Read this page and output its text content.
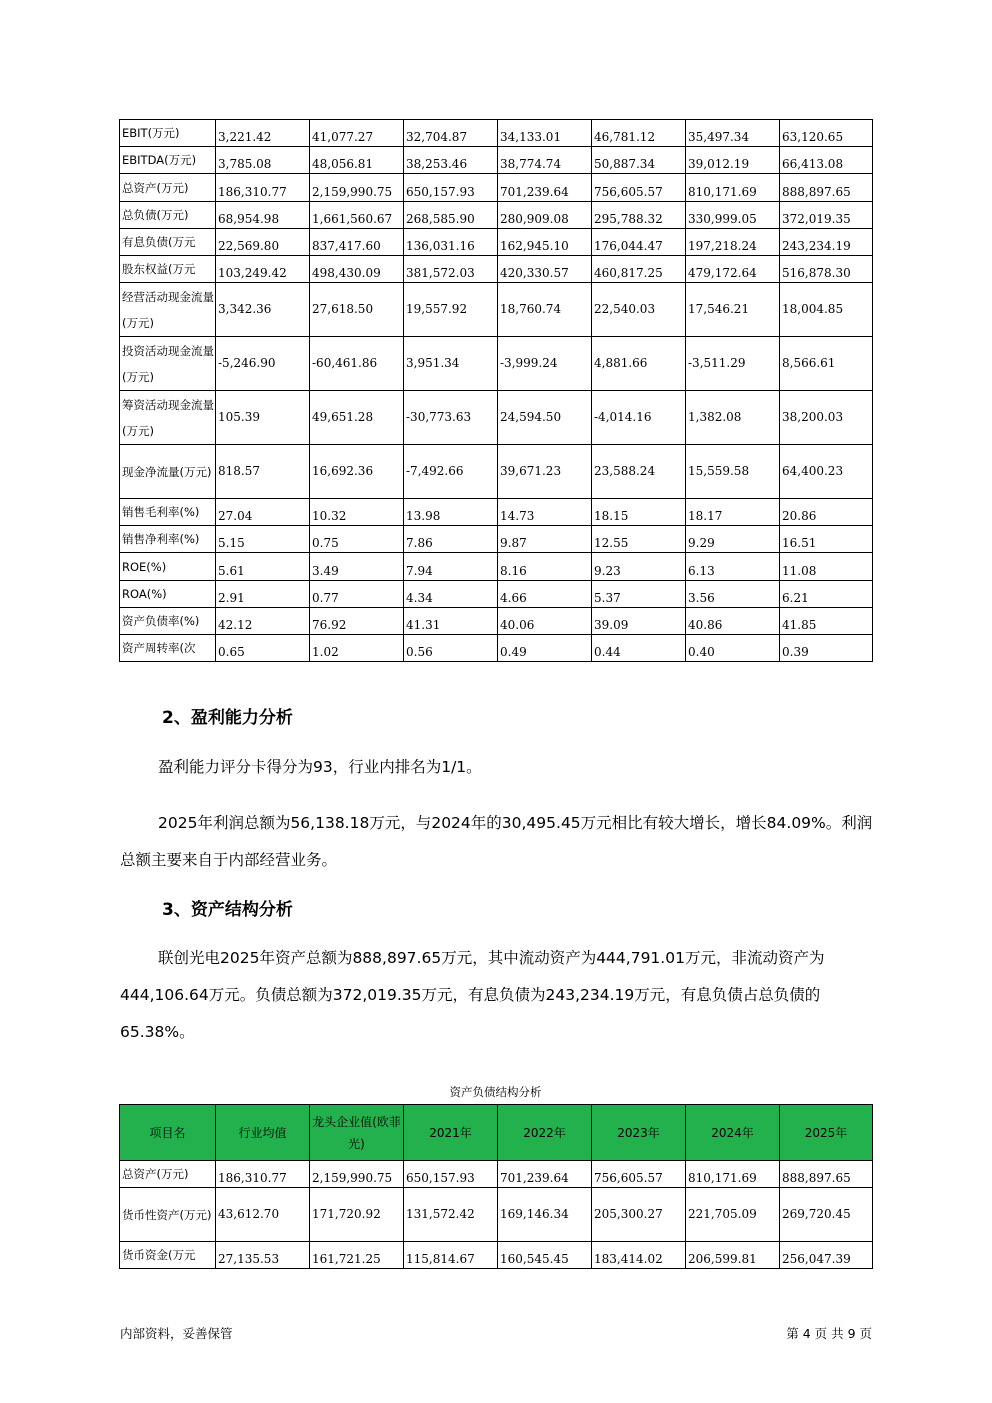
EBIT(万元)	3,221.42	41,077.27	32,704.87	34,133.01	46,781.12	35,497.34	63,120.65
EBITDA(万元)	3,785.08	48,056.81	38,253.46	38,774.74	50,887.34	39,012.19	66,413.08
总资产(万元)	186,310.77	2,159,990.75	650,157.93	701,239.64	756,605.57	810,171.69	888,897.65
总负债(万元)	68,954.98	1,661,560.67	268,585.90	280,909.08	295,788.32	330,999.05	372,019.35
有息负债(万元	22,569.80	837,417.60	136,031.16	162,945.10	176,044.47	197,218.24	243,234.19
股东权益(万元	103,249.42	498,430.09	381,572.03	420,330.57	460,817.25	479,172.64	516,878.30
经营活动现金流量(万元)	3,342.36	27,618.50	19,557.92	18,760.74	22,540.03	17,546.21	18,004.85
投资活动现金流量(万元)	-5,246.90	-60,461.86	3,951.34	-3,999.24	4,881.66	-3,511.29	8,566.61
筹资活动现金流量(万元)	105.39	49,651.28	-30,773.63	24,594.50	-4,014.16	1,382.08	38,200.03
现金净流量(万元)	818.57	16,692.36	-7,492.66	39,671.23	23,588.24	15,559.58	64,400.23
销售毛利率(%)	27.04	10.32	13.98	14.73	18.15	18.17	20.86
销售净利率(%)	5.15	0.75	7.86	9.87	12.55	9.29	16.51
ROE(%)	5.61	3.49	7.94	8.16	9.23	6.13	11.08
ROA(%)	2.91	0.77	4.34	4.66	5.37	3.56	6.21
资产负债率(%)	42.12	76.92	41.31	40.06	39.09	40.86	41.85
资产周转率(次	0.65	1.02	0.56	0.49	0.44	0.40	0.39
2、盈利能力分析

盈利能力评分卡得分为93，行业内排名为1/1。

2025年利润总额为56,138.18万元，与2024年的30,495.45万元相比有较大增长，增长84.09%。利润总额主要来自于内部经营业务。

3、资产结构分析

联创光电2025年资产总额为888,897.65万元，其中流动资产为444,791.01万元，非流动资产为444,106.64万元。负债总额为372,019.35万元，有息负债为243,234.19万元，有息负债占总负债的65.38%。

资产负债结构分析
项目名	行业均值	龙头企业值(欧菲光)	2021年	2022年	2023年	2024年	2025年
总资产(万元)	186,310.77	2,159,990.75	650,157.93	701,239.64	756,605.57	810,171.69	888,897.65
货币性资产(万元)	43,612.70	171,720.92	131,572.42	169,146.34	205,300.27	221,705.09	269,720.45
货币资金(万元	27,135.53	161,721.25	115,814.67	160,545.45	183,414.02	206,599.81	256,047.39
内部资料，妥善保管	第 4 页 共 9 页
